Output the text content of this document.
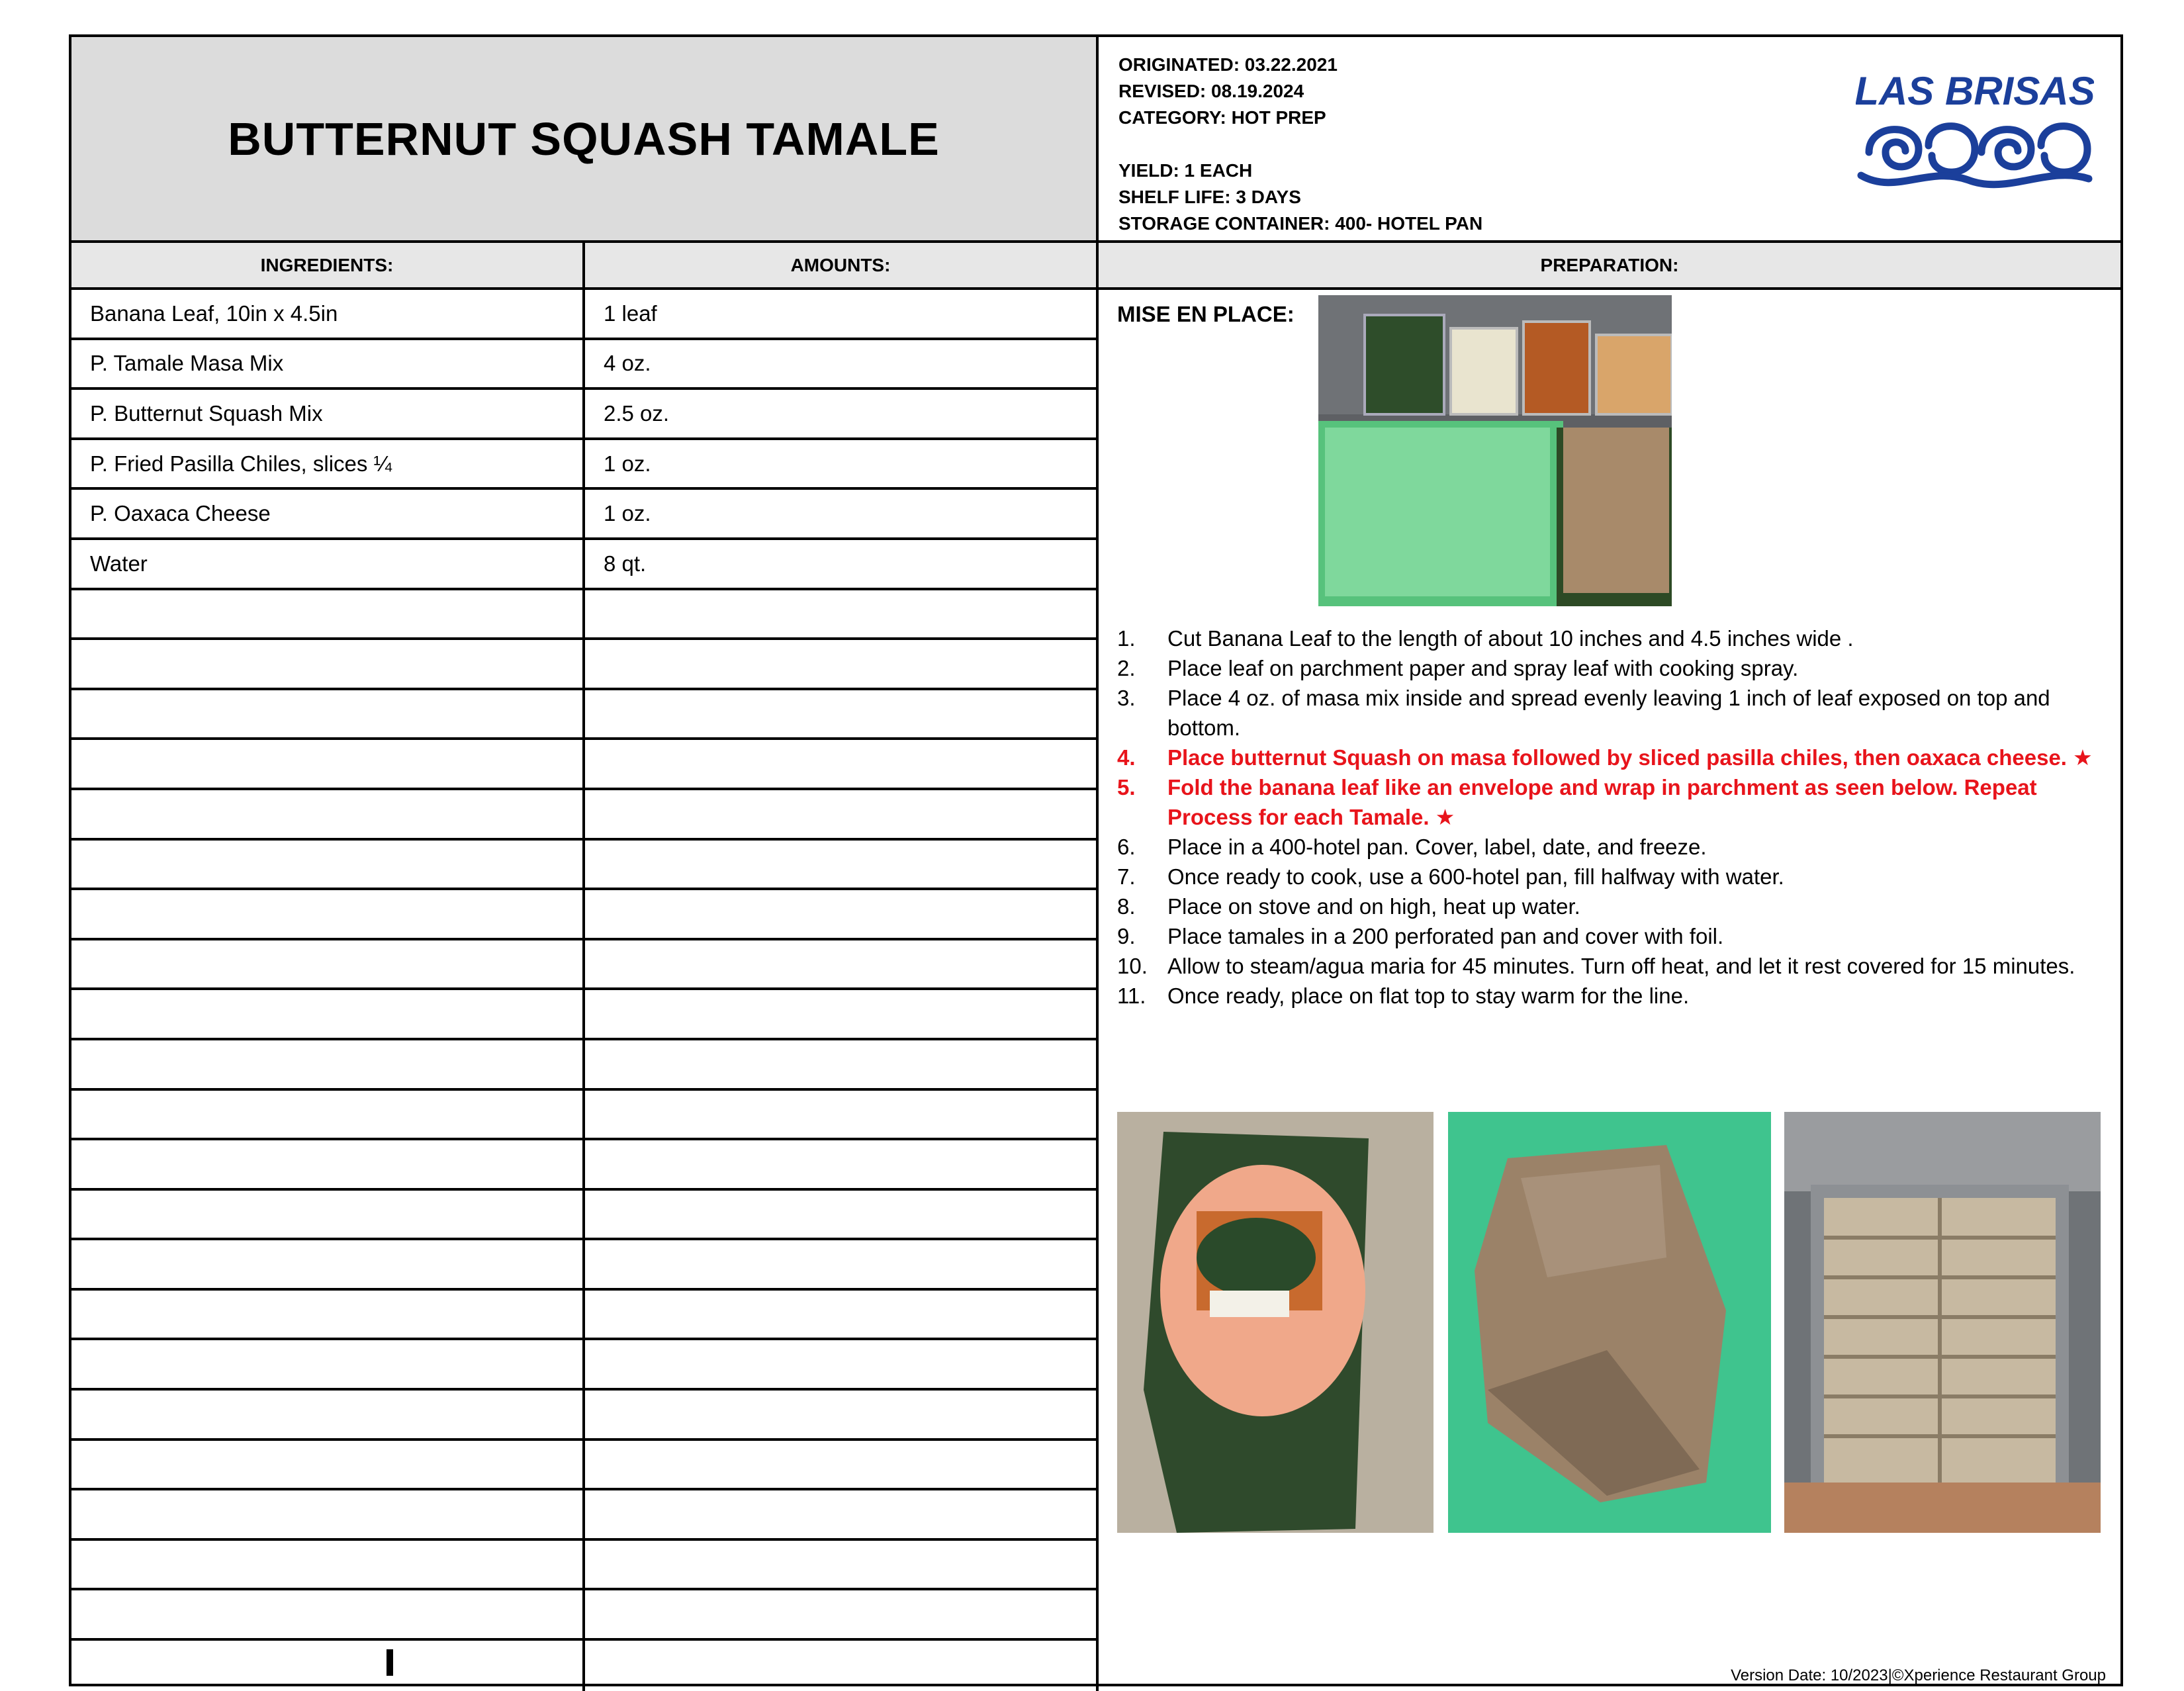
BUTTERNUT SQUASH TAMALE
ORIGINATED: 03.22.2021
REVISED: 08.19.2024
CATEGORY: HOT PREP
YIELD: 1 EACH
SHELF LIFE: 3 DAYS
STORAGE CONTAINER: 400- HOTEL PAN
LAS BRISAS
INGREDIENTS:	AMOUNTS:	PREPARATION:
Banana Leaf, 10in x 4.5in	1 leaf
P. Tamale Masa Mix	4 oz.
P. Butternut Squash Mix	2.5 oz.
P. Fried Pasilla Chiles, slices ¼	1 oz.
P. Oaxaca Cheese	1 oz.
Water	8 qt.
MISE EN PLACE:
1. Cut Banana Leaf to the length of about 10 inches and 4.5 inches wide .
2. Place leaf on parchment paper and spray leaf with cooking spray.
3. Place 4 oz. of masa mix inside and spread evenly leaving 1 inch of leaf exposed on top and bottom.
4. Place butternut Squash on masa followed by sliced pasilla chiles, then oaxaca cheese. ★
5. Fold the banana leaf like an envelope and wrap in parchment as seen below. Repeat Process for each Tamale. ★
6. Place in a 400-hotel pan. Cover, label, date, and freeze.
7. Once ready to cook, use a 600-hotel pan, fill halfway with water.
8. Place on stove and on high, heat up water.
9. Place tamales in a 200 perforated pan and cover with foil.
10. Allow to steam/agua maria for 45 minutes. Turn off heat, and let it rest covered for 15 minutes.
11. Once ready, place on flat top to stay warm for the line.
Version Date: 10/2023|©Xperience Restaurant Group
